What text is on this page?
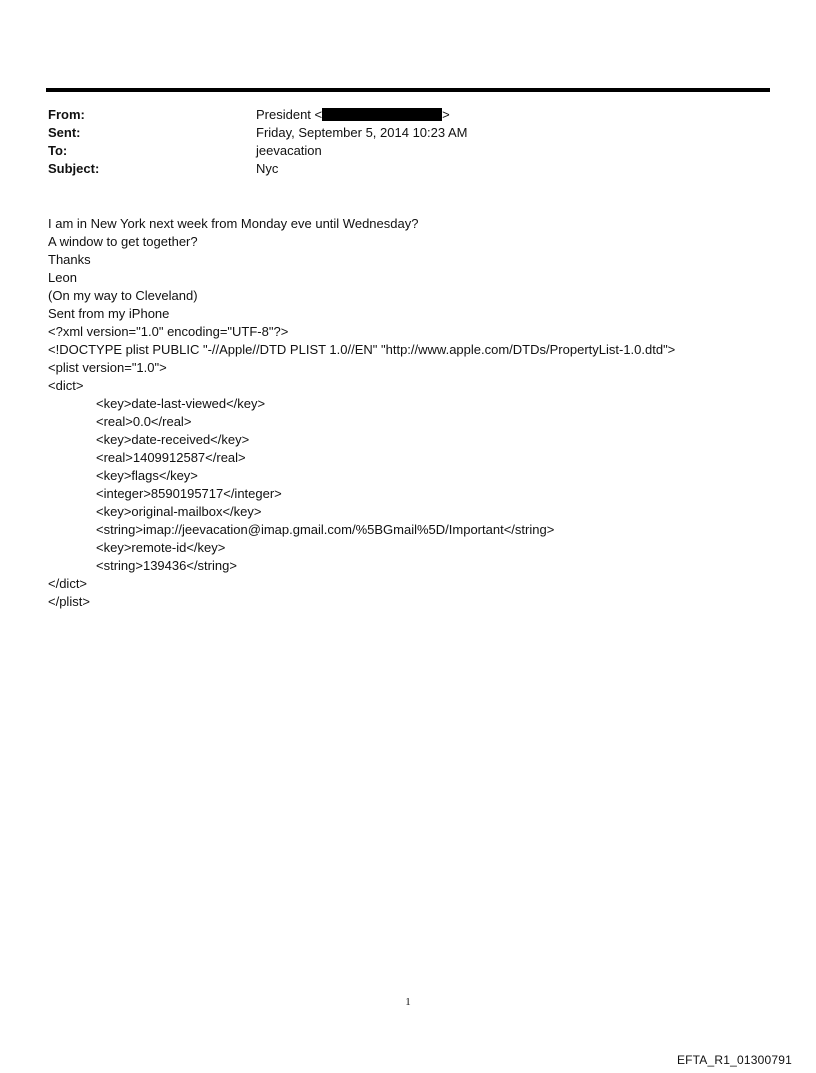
From:	President <	>
Sent:	Friday, September 5, 2014 10:23 AM
To:	jeevacation
Subject:	Nyc
I am in New York next week from Monday eve until Wednesday?
A window to get together?
Thanks
Leon
(On my way to Cleveland)
Sent from my iPhone
<?xml version="1.0" encoding="UTF-8"?>
<!DOCTYPE plist PUBLIC "-//Apple//DTD PLIST 1.0//EN" "http://www.apple.com/DTDs/PropertyList-1.0.dtd">
<plist version="1.0">
<dict>
<key>date-last-viewed</key>
<real>0.0</real>
<key>date-received</key>
<real>1409912587</real>
<key>flags</key>
<integer>8590195717</integer>
<key>original-mailbox</key>
<string>imap://jeevacation@imap.gmail.com/%5BGmail%5D/Important</string>
<key>remote-id</key>
<string>139436</string>
</dict>
</plist>
1
EFTA_R1_01300791
